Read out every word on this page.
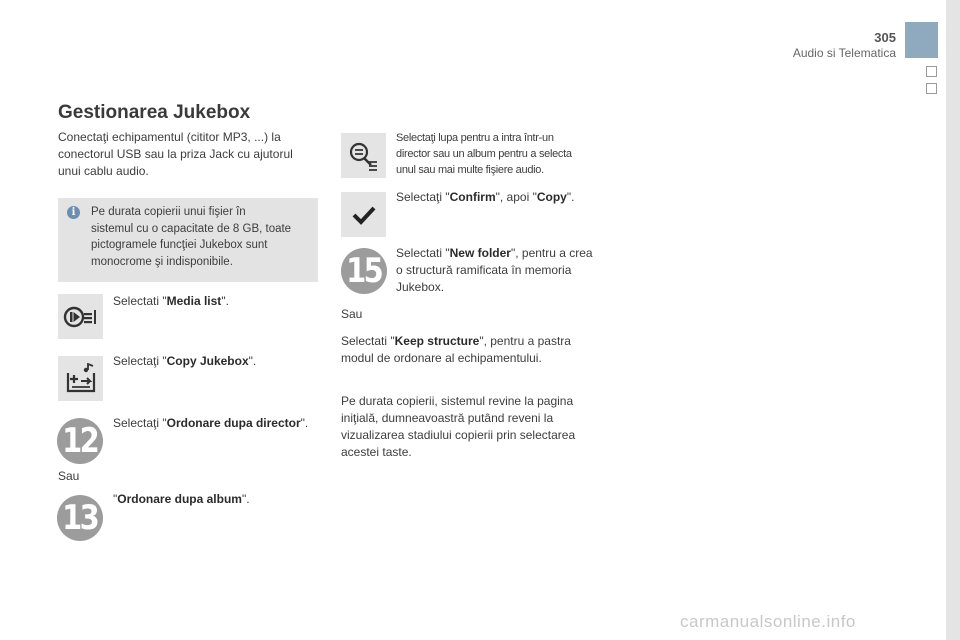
305
Audio si Telematica
Gestionarea Jukebox
Conectaţi echipamentul (cititor MP3, ...) la
conectorul USB sau la priza Jack cu ajutorul
unui cablu audio.
i	Pe durata copierii unui fişier în
sistemul cu o capacitate de 8 GB, toate
pictogramele funcţiei Jukebox sunt
monocrome şi indisponibile.
Selectati "Media list".
Selectaţi "Copy Jukebox".
12 Selectaţi "Ordonare dupa director".
Sau
13 "Ordonare dupa album".
Selectaţi lupa pentru a intra într-un
director sau un album pentru a selecta
unul sau mai multe fişiere audio.
Selectaţi "Confirm", apoi "Copy".
15 Selectati "New folder", pentru a crea
o structură ramificata în memoria
Jukebox.
Sau
Selectati "Keep structure", pentru a pastra
modul de ordonare al echipamentului.
Pe durata copierii, sistemul revine la pagina
iniţială, dumneavoastră putând reveni la
vizualizarea stadiului copierii prin selectarea
acestei taste.
carmanualsonline.info
